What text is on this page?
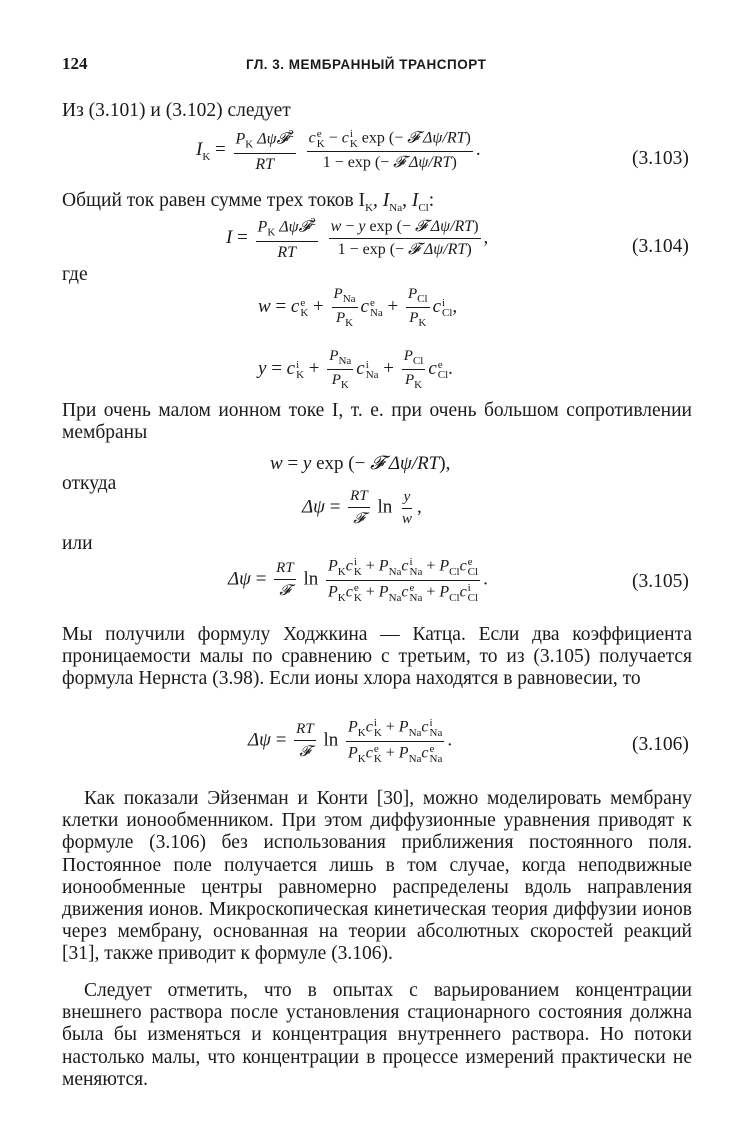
124	ГЛ. 3. МЕМБРАННЫЙ ТРАНСПОРТ
Из (3.101) и (3.102) следует
$I_K = \frac{P_K \Delta\psi 𝓕^2}{RT}$
c e
K − c i
K exp (− 𝓕 Δψ/RT)
1 − exp (− 𝓕 Δψ/RT) .	(3.103)
Общий ток равен сумме трех токов $I_K$, $I_{Na}$, $I_{Cl}$:
$I = \frac{P_K \Delta\psi 𝓕^2}{RT}$
$\frac{\text{w − y exp (− 𝓕 Δψ/RT)}}{\text{1 − exp (− 𝓕 Δψ/RT)}}$ ,	(3.104)
где
w = c e
$K + \frac{P_{Na}}{P_K}$ c e
$Na + \frac{P_{Cl}}{P_K}$ c i
Cl ,
y = c i
$K + \frac{P_{Na}}{P_K}$ c i
$Na + \frac{P_{Cl}}{P_K}$ c e
Cl .
При очень малом ионном токе I, т. е. при очень большом сопротивлении мембраны
w = y exp (− 𝓕 Δψ/RT),
откуда
$\Delta\psi = \frac{RT}{\text{𝓕}}$ $\ln \frac{y}{w}$ ,
или
$\Delta\psi = \frac{RT}{\text{𝓕}}$ $\ln P_Kc$ i
$K + P_{Na}c$ i
$Na + P_{Cl}c$ e
Cl
$P_Kc$ e
$K + P_{Na}c$ e
$Na + P_{Cl}c$ i
Cl .	(3.105)
Мы получили формулу Ходжкина — Катца. Если два коэффициента проницаемости малы по сравнению с третьим, то из (3.105) получается формула Нернста (3.98). Если ионы хлора находятся в равновесии, то
$\Delta\psi = \frac{RT}{\text{𝓕}}$ $\ln P_Kc$ i
$K + P_{Na}c$ i
Na
$P_Kc$ e
$K + P_{Na}c$ e
Na .	(3.106)
Как показали Эйзенман и Конти [30], можно моделировать мембрану клетки ионообменником. При этом диффузионные уравнения приводят к формуле (3.106) без использования приближения постоянного поля. Постоянное поле получается лишь в том случае, когда неподвижные ионообменные центры равномерно распределены вдоль направления движения ионов. Микроскопическая кинетическая теория диффузии ионов через мембрану, основанная на теории абсолютных скоростей реакций [31], также приводит к формуле (3.106).
Следует отметить, что в опытах с варьированием концентрации внешнего раствора после установления стационарного состояния должна была бы изменяться и концентрация внутреннего раствора. Но потоки настолько малы, что концентрации в процессе измерений практически не меняются.
